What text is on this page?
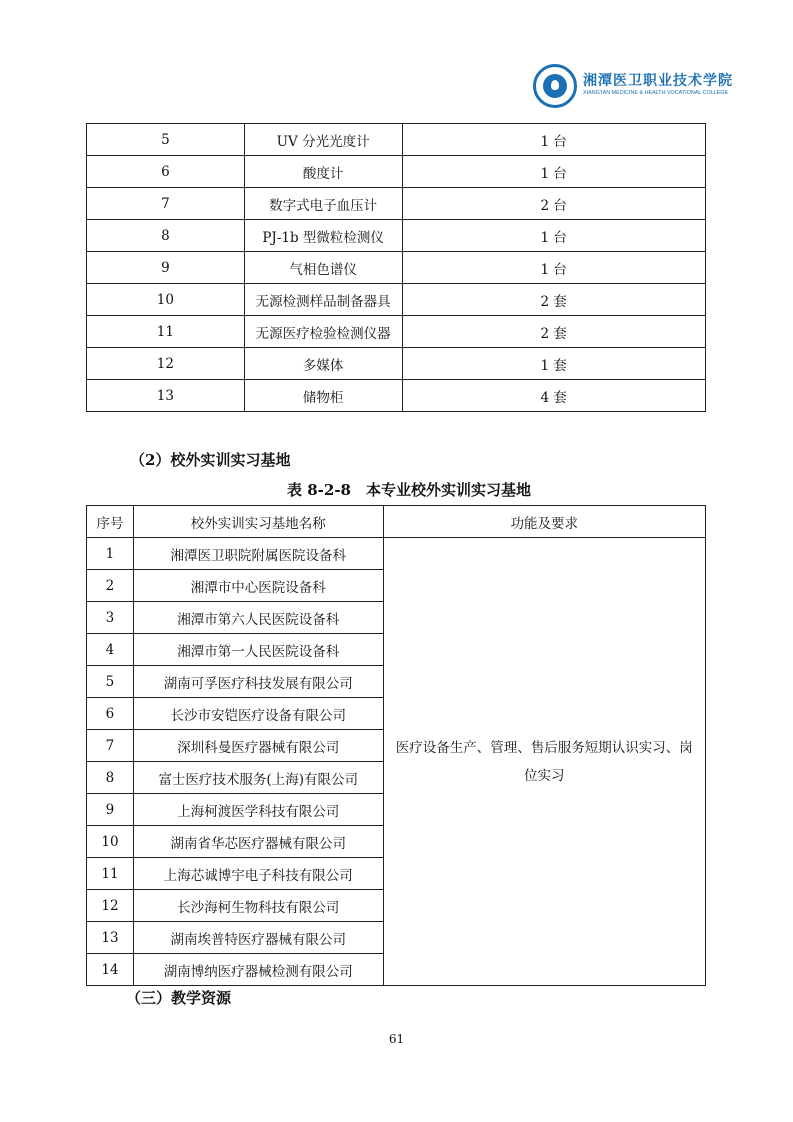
湘潭医卫职业技术学院
XIANGTAN MEDICINE & HEALTH VOCATIONAL COLLEGE
5	UV 分光光度计	1 台
6	酸度计	1 台
7	数字式电子血压计	2 台
8	PJ-1b 型微粒检测仪	1 台
9	气相色谱仪	1 台
10	无源检测样品制备器具	2 套
11	无源医疗检验检测仪器	2 套
12	多媒体	1 套
13	储物柜	4 套
（2）校外实训实习基地
表 8-2-8　本专业校外实训实习基地
序号	校外实训实习基地名称	功能及要求
1	湘潭医卫职院附属医院设备科	医疗设备生产、管理、售后服务短期认识实习、岗位实习
2	湘潭市中心医院设备科	
3	湘潭市第六人民医院设备科	
4	湘潭市第一人民医院设备科	
5	湖南可孚医疗科技发展有限公司	
6	长沙市安铠医疗设备有限公司	
7	深圳科曼医疗器械有限公司	
8	富士医疗技术服务(上海)有限公司	
9	上海柯渡医学科技有限公司	
10	湖南省华芯医疗器械有限公司	
11	上海芯诚博宇电子科技有限公司	
12	长沙海柯生物科技有限公司	
13	湖南埃普特医疗器械有限公司	
14	湖南博纳医疗器械检测有限公司	
（三）教学资源
61
